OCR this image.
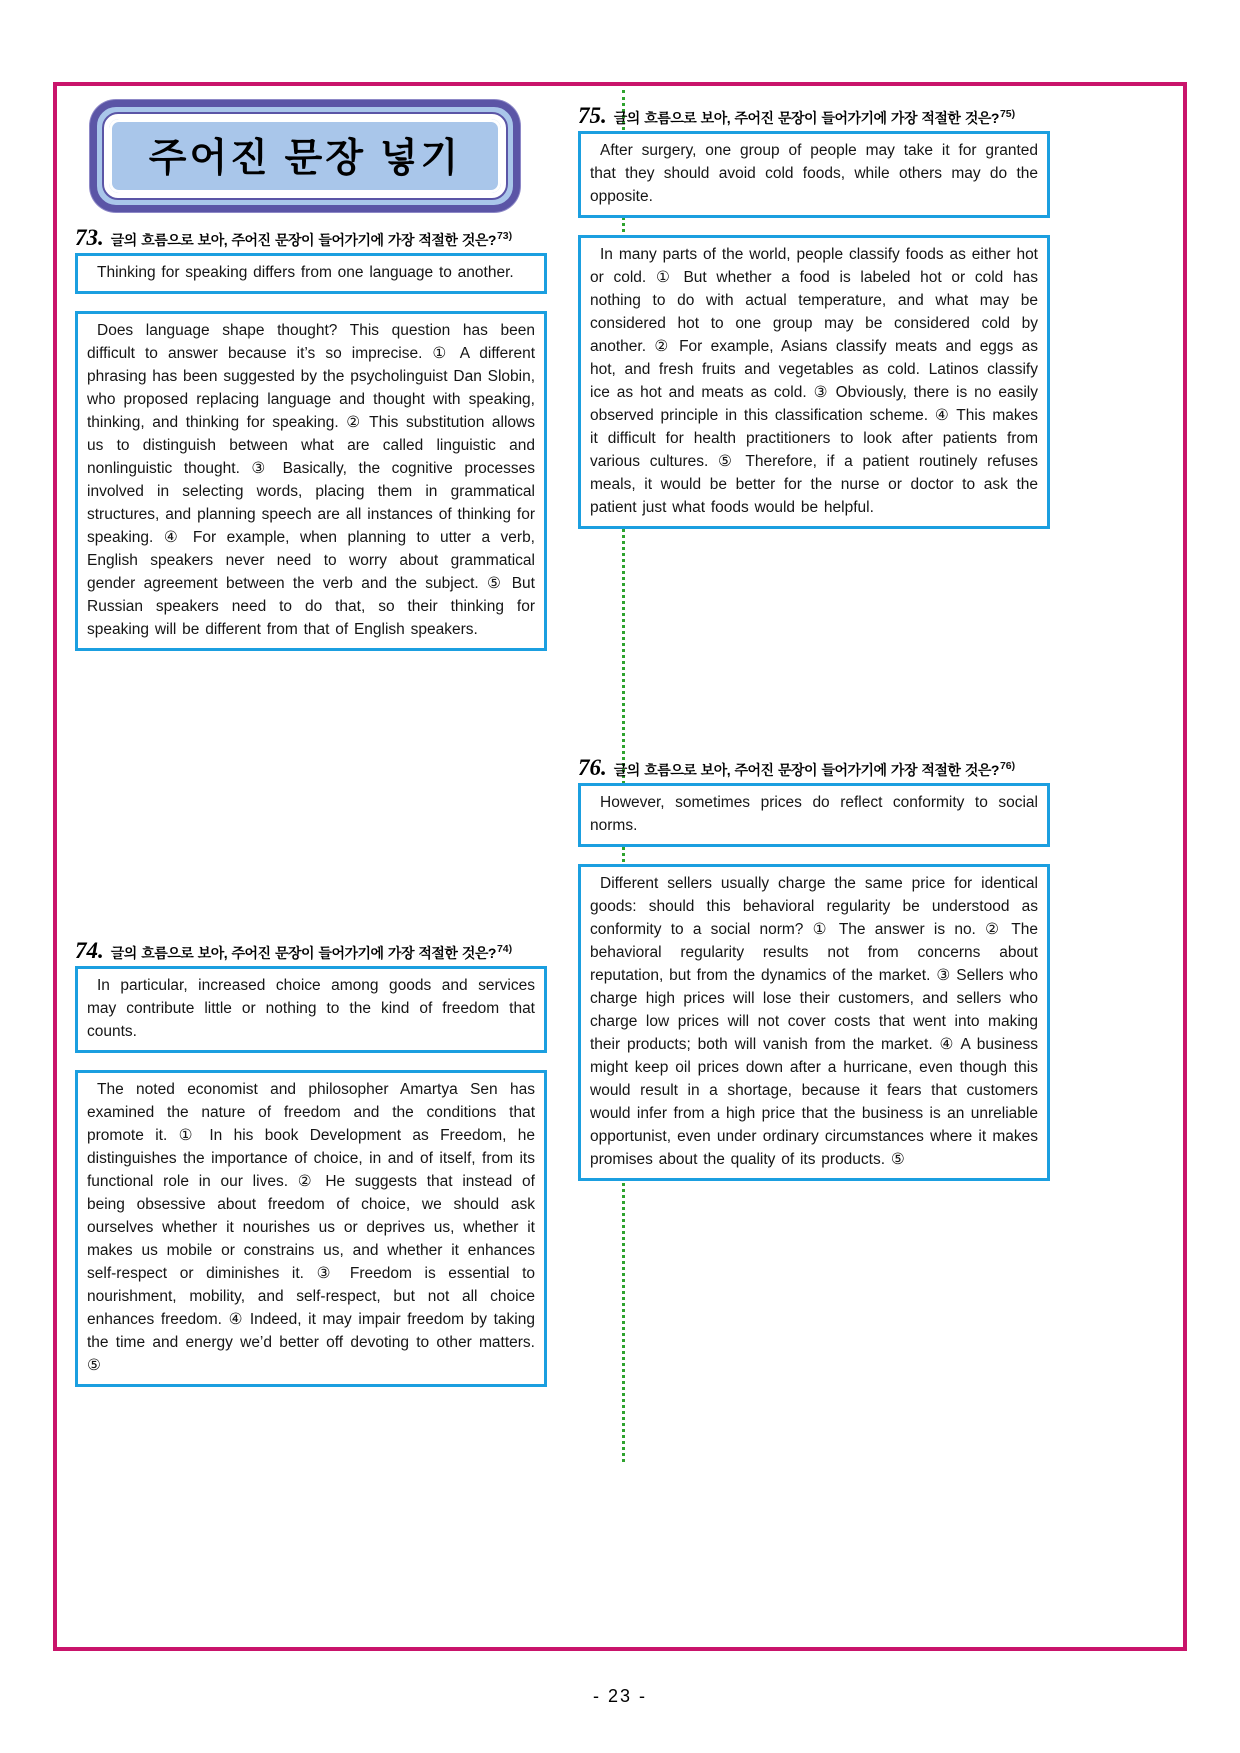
주어진 문장 넣기
73. 글의 흐름으로 보아, 주어진 문장이 들어가기에 가장 적절한 것은? 73)

Thinking for speaking differs from one language to another.

Does language shape thought? This question has been difficult to answer because it’s so imprecise. ① A different phrasing has been suggested by the psycholinguist Dan Slobin, who proposed replacing language and thought with speaking, thinking, and thinking for speaking. ② This substitution allows us to distinguish between what are called linguistic and nonlinguistic thought. ③ Basically, the cognitive processes involved in selecting words, placing them in grammatical structures, and planning speech are all instances of thinking for speaking. ④ For example, when planning to utter a verb, English speakers never need to worry about grammatical gender agreement between the verb and the subject. ⑤ But Russian speakers need to do that, so their thinking for speaking will be different from that of English speakers.

74. 글의 흐름으로 보아, 주어진 문장이 들어가기에 가장 적절한 것은? 74)

In particular, increased choice among goods and services may contribute little or nothing to the kind of freedom that counts.

The noted economist and philosopher Amartya Sen has examined the nature of freedom and the conditions that promote it. ① In his book Development as Freedom, he distinguishes the importance of choice, in and of itself, from its functional role in our lives. ② He suggests that instead of being obsessive about freedom of choice, we should ask ourselves whether it nourishes us or deprives us, whether it makes us mobile or constrains us, and whether it enhances self-respect or diminishes it. ③ Freedom is essential to nourishment, mobility, and self-respect, but not all choice enhances freedom. ④ Indeed, it may impair freedom by taking the time and energy we’d better off devoting to other matters. ⑤

75. 글의 흐름으로 보아, 주어진 문장이 들어가기에 가장 적절한 것은? 75)

After surgery, one group of people may take it for granted that they should avoid cold foods, while others may do the opposite.

In many parts of the world, people classify foods as either hot or cold. ① But whether a food is labeled hot or cold has nothing to do with actual temperature, and what may be considered hot to one group may be considered cold by another. ② For example, Asians classify meats and eggs as hot, and fresh fruits and vegetables as cold. Latinos classify ice as hot and meats as cold. ③ Obviously, there is no easily observed principle in this classification scheme. ④ This makes it difficult for health practitioners to look after patients from various cultures. ⑤ Therefore, if a patient routinely refuses meals, it would be better for the nurse or doctor to ask the patient just what foods would be helpful.

76. 글의 흐름으로 보아, 주어진 문장이 들어가기에 가장 적절한 것은? 76)

However, sometimes prices do reflect conformity to social norms.

Different sellers usually charge the same price for identical goods: should this behavioral regularity be understood as conformity to a social norm? ① The answer is no. ② The behavioral regularity results not from concerns about reputation, but from the dynamics of the market. ③ Sellers who charge high prices will lose their customers, and sellers who charge low prices will not cover costs that went into making their products; both will vanish from the market. ④ A business might keep oil prices down after a hurricane, even though this would result in a shortage, because it fears that customers would infer from a high price that the business is an unreliable opportunist, even under ordinary circumstances where it makes promises about the quality of its products. ⑤

- 23 -
